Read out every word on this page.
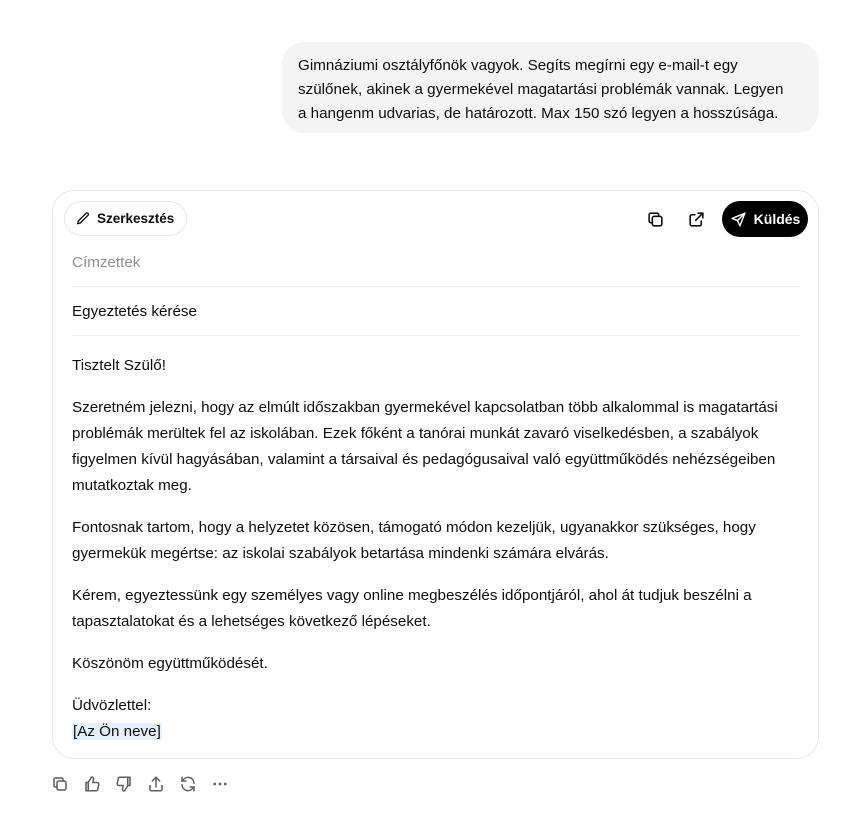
Gimnáziumi osztályfőnök vagyok. Segíts megírni egy e-mail-t egy
szülőnek, akinek a gyermekével magatartási problémák vannak. Legyen
a hangenm udvarias, de határozott. Max 150 szó legyen a hosszúsága.
Szerkesztés	Küldés
Címzettek
Egyeztetés kérése

Tisztelt Szülő!

Szeretném jelezni, hogy az elmúlt időszakban gyermekével kapcsolatban több alkalommal is magatartási problémák merültek fel az iskolában. Ezek főként a tanórai munkát zavaró viselkedésben, a szabályok figyelmen kívül hagyásában, valamint a társaival és pedagógusaival való együttműködés nehézségeiben mutatkoztak meg.

Fontosnak tartom, hogy a helyzetet közösen, támogató módon kezeljük, ugyanakkor szükséges, hogy gyermekük megértse: az iskolai szabályok betartása mindenki számára elvárás.

Kérem, egyeztessünk egy személyes vagy online megbeszélés időpontjáról, ahol át tudjuk beszélni a tapasztalatokat és a lehetséges következő lépéseket.

Köszönöm együttműködését.

Üdvözlettel:

[Az Ön neve]
